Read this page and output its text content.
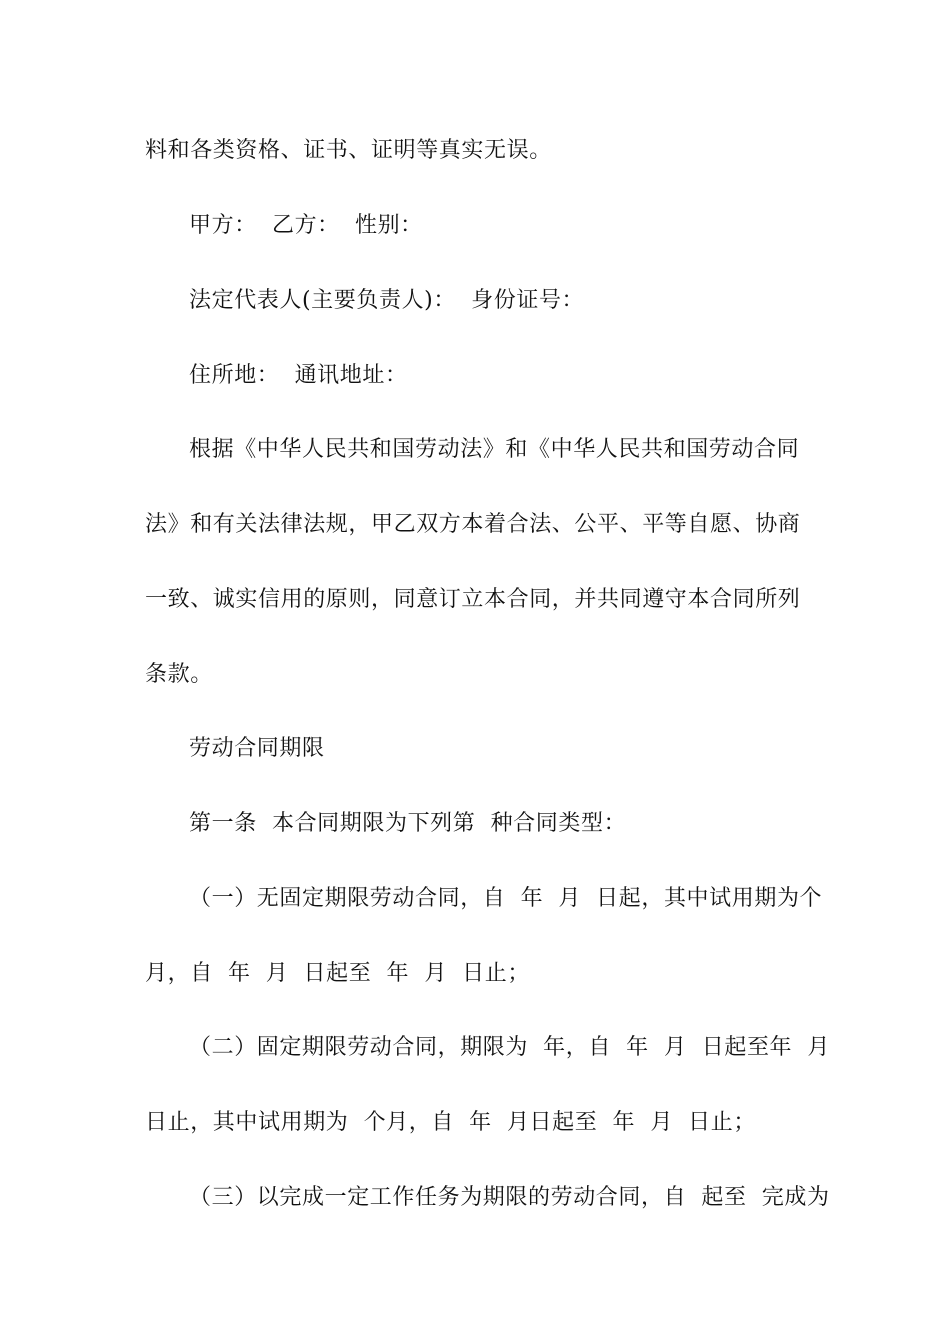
料和各类资格、证书、证明等真实无误。
甲方：  乙方：  性别：
法定代表人(主要负责人)：  身份证号：
住所地：  通讯地址：
根据《中华人民共和国劳动法》和《中华人民共和国劳动合同
法》和有关法律法规，甲乙双方本着合法、公平、平等自愿、协商
一致、诚实信用的原则，同意订立本合同，并共同遵守本合同所列
条款。
劳动合同期限
第一条  本合同期限为下列第  种合同类型：
（一）无固定期限劳动合同，自  年  月  日起，其中试用期为个
月，自  年  月  日起至  年  月  日止；
（二）固定期限劳动合同，期限为  年，自  年  月  日起至年  月
日止，其中试用期为  个月，自  年  月日起至  年  月  日止；
（三）以完成一定工作任务为期限的劳动合同，自  起至  完成为
